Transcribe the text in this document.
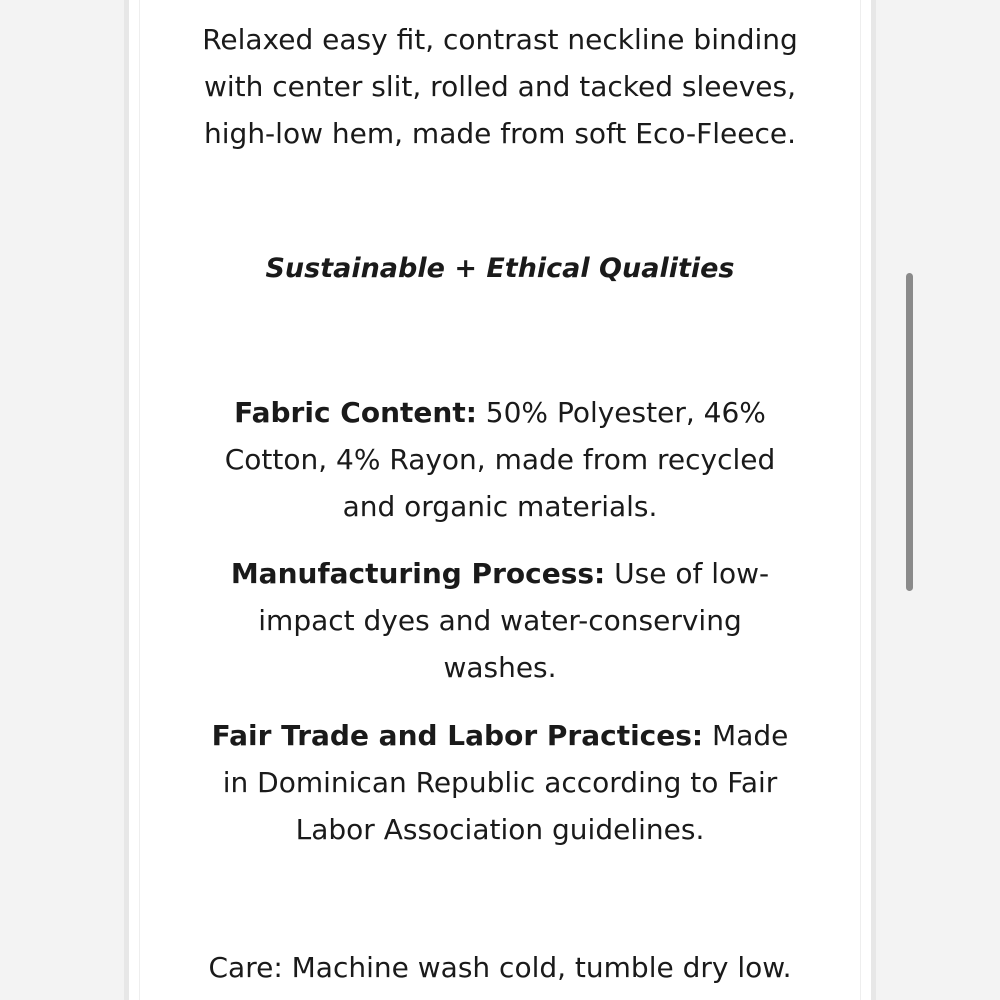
Relaxed easy fit, contrast neckline binding with center slit, rolled and tacked sleeves, high-low hem, made from soft Eco-Fleece.

Sustainable + Ethical Qualities

Fabric Content: 50% Polyester, 46% Cotton, 4% Rayon, made from recycled and organic materials.

Manufacturing Process: Use of low-impact dyes and water-conserving washes.

Fair Trade and Labor Practices: Made in Dominican Republic according to Fair Labor Association guidelines.

Care: Machine wash cold, tumble dry low.
